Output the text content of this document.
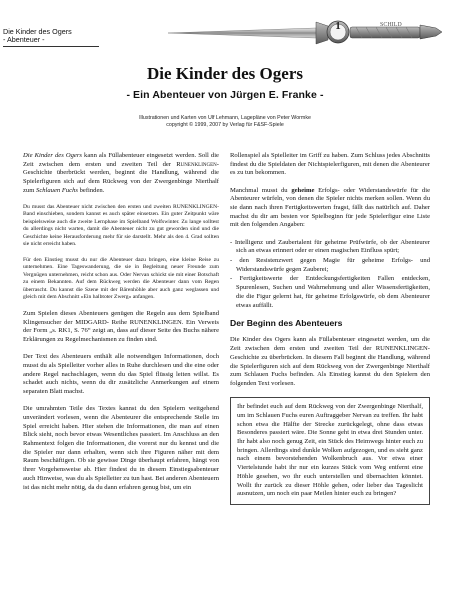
Die Kinder des Ogers
- Abenteuer -
SCHILD
1
Die Kinder des Ogers
- Ein Abenteuer von Jürgen E. Franke -
Illustrationen und Karten von Ulf Lehmann, Lagepläne von Peter Wormke
copyright © 1999, 2007 by Verlag für F&SF-Spiele

Die Kinder des Ogers kann als Füllabenteuer eingesetzt werden. Soll die Zeit zwischen dem ersten und zweiten Teil der Runenklingen-Geschichte überbrückt werden, beginnt die Handlung, während die Spielerfiguren sich auf dem Rückweg von der Zwergenbinge Nierthalf zum Schlauen Fuchs befinden.

Du musst das Abenteuer nicht zwischen den ersten und zweiten RUNENKLINGEN-Band einschieben, sondern kannst es auch später einsetzen. Ein guter Zeitpunkt wäre beispielsweise auch die zweite Lernphase im Spielband Wolfswinter. Zu lange solltest du allerdings nicht warten, damit die Abenteuer nicht zu gut geworden sind und die Geschichte keine Herausforderung mehr für sie darstellt. Mehr als den 4. Grad sollten sie nicht erreicht haben.

Für den Einstieg musst du nur die Abenteuer dazu bringen, eine kleine Reise zu unternehmen. Eine Tageswanderung, die sie in Begleitung neuer Freunde zum Vergnügen unternehmen, reicht schon aus. Oder Nervan schickt sie mit einer Botschaft zu einem Bekannten. Auf dem Rückweg werden die Abenteuer dann vom Regen überrascht. Du kannst die Szene mit der Bärenhöhle aber auch ganz weglassen und gleich mit dem Abschnitt »Ein halbtoter Zwerg« anfangen.

Zum Spielen dieses Abenteuers genügen die Regeln aus dem Spielband Klingensucher der MIDGARD- Reihe RUNENKLINGEN. Ein Verweis der Form „s. RK1, S. 76“ zeigt an, dass auf dieser Seite des Buchs nähere Erklärungen zu Regelmechanismen zu finden sind.

Der Text des Abenteuers enthält alle notwendigen Informationen, doch musst du als Spielleiter vorher alles in Ruhe durchlesen und die eine oder andere Regel nachschlagen, wenn du das Spiel flüssig leiten willst. Es schadet auch nichts, wenn du dir zusätzliche Anmerkungen auf einem separaten Blatt machst.

Die umrahmten Teile des Textes kannst du den Spielern weitgehend unverändert vorlesen, wenn die Abenteurer die entsprechende Stelle im Spiel erreicht haben. Hier stehen die Informationen, die man auf einen Blick sieht, noch bevor etwas Wesentliches passiert. Im Anschluss an den Rahmentext folgen die Informationen, die vorerst nur du kennst und die die Spieler nur dann erhalten, wenn sich ihre Figuren näher mit dem Raum beschäftigen. Ob sie gewisse Dinge überhaupt erfahren, hängt von ihrer Vorgehensweise ab. Hier findest du in diesem Einstiegsabenteuer auch Hinweise, was du als Spielleiter zu tun hast. Bei anderen Abenteuern ist das nicht mehr nötig, da du dann erfahren genug bist, um ein

Rollenspiel als Spielleiter im Griff zu haben. Zum Schluss jedes Abschnitts findest du die Spieldaten der Nichtspielerfiguren, mit denen die Abenteurer es zu tun bekommen.

Manchmal musst du geheime Erfolgs- oder Widerstandswürfe für die Abenteurer würfeln, von denen die Spieler nichts merken sollen. Wenn du sie dann nach ihren Fertigkeitswerten fragst, fällt das natürlich auf. Daher machst du dir am besten vor Spielbeginn für jede Spielerfigur eine Liste mit den folgenden Angaben:

- Intelligenz und Zaubertalent für geheime Prüfwürfe, ob der Abenteurer sich an etwas erinnert oder er einen magischen Einfluss spürt;
- den Resistenzwert gegen Magie für geheime Erfolgs- und Widerstandswürfe gegen Zauberei;
- Fertigkeitswerte der Entdeckungsfertigkeiten Fallen entdecken, Spurenlesen, Suchen und Wahrnehmung und aller Wissensfertigkeiten, die die Figur gelernt hat, für geheime Erfolgswürfe, ob dem Abenteurer etwas auffällt.
Der Beginn des Abenteuers

Die Kinder des Ogers kann als Füllabenteuer eingesetzt werden, um die Zeit zwischen dem ersten und zweiten Teil der RUNENKLINGEN-Geschichte zu überbrücken. In diesem Fall beginnt die Handlung, während die Spielerfiguren sich auf dem Rückweg von der Zwergenbinge Nierthalf zum Schlauen Fuchs befinden. Als Einstieg kannst du den Spielern den folgenden Text vorlesen.

Ihr befindet euch auf dem Rückweg von der Zwergenbinge Nierthalf, um im Schlauen Fuchs euren Auftraggeber Nervan zu treffen. Ihr habt schon etwa die Hälfte der Strecke zurückgelegt, ohne dass etwas Besonderes passiert wäre. Die Sonne geht in etwa drei Stunden unter. Ihr habt also noch genug Zeit, ein Stück des Heimwegs hinter euch zu bringen. Allerdings sind dunkle Wolken aufgezogen, und es sieht ganz nach einem bevorstehenden Wolkenbruch aus. Vor etwa einer Viertelstunde habt ihr nur ein kurzes Stück vom Weg entfernt eine Höhle gesehen, wo ihr euch unterstellen und übernachten könntet. Wollt ihr zurück zu dieser Höhle gehen, oder lieber das Tageslicht ausnutzen, um noch ein paar Meilen hinter euch zu bringen?
